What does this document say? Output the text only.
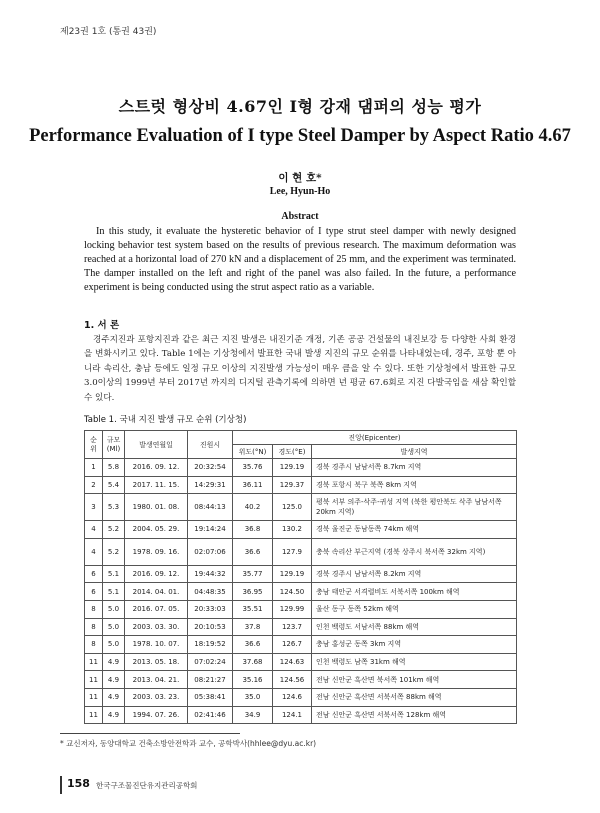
제23권 1호 (통권 43권)
스트럿 형상비 4.67인 I형 강재 댐퍼의 성능 평가
Performance Evaluation of I type Steel Damper by Aspect Ratio 4.67
이 현 호*
Lee, Hyun-Ho
Abstract
In this study, it evaluate the hysteretic behavior of I type strut steel damper with newly designed locking behavior test system based on the results of previous research. The maximum deformation was reached at a horizontal load of 270 kN and a displacement of 25 mm, and the experiment was terminated. The damper installed on the left and right of the panel was also failed. In the future, a performance experiment is being conducted using the strut aspect ratio as a variable.
1. 서 론
경주지진과 포항지진과 같은 최근 지진 발생은 내진기준 개정, 기존 공공 건설물의 내진보강 등 다양한 사회 환경을 변화시키고 있다. Table 1에는 기상청에서 발표한 국내 발생 지진의 규모 순위를 나타내었는데, 경주, 포항 뿐 아니라 속리산, 충남 등에도 일정 규모 이상의 지진발생 가능성이 매우 큼을 알 수 있다. 또한 기상청에서 발표한 규모 3.0이상의 1999년 부터 2017년 까지의 디지털 관측기록에 의하면 년 평균 67.6회로 지진 다발국임을 새삼 확인할 수 있다.
Table 1. 국내 지진 발생 규모 순위 (기상청)
순위	규모 (Ml)	발생연월일	진원시	진앙(Epicenter)		
				위도(°N)	경도(°E)	발생지역
1	5.8	2016. 09. 12.	20:32:54	35.76	129.19	경북 경주시 남남서쪽 8.7km 지역
2	5.4	2017. 11. 15.	14:29:31	36.11	129.37	경북 포항시 북구 북쪽 8km 지역
3	5.3	1980. 01. 08.	08:44:13	40.2	125.0	평북 서부 의주-삭주-귀성 지역 (북한 평안북도 삭주 남남서쪽 20km 지역)
4	5.2	2004. 05. 29.	19:14:24	36.8	130.2	경북 울진군 동남동쪽 74km 해역
4	5.2	1978. 09. 16.	02:07:06	36.6	127.9	충북 속리산 부근지역 (경북 상주시 북서쪽 32km 지역)
6	5.1	2016. 09. 12.	19:44:32	35.77	129.19	경북 경주시 남남서쪽 8.2km 지역
6	5.1	2014. 04. 01.	04:48:35	36.95	124.50	충남 태안군 서격렬비도 서북서쪽 100km 해역
8	5.0	2016. 07. 05.	20:33:03	35.51	129.99	울산 동구 동쪽 52km 해역
8	5.0	2003. 03. 30.	20:10:53	37.8	123.7	인천 백령도 서남서쪽 88km 해역
8	5.0	1978. 10. 07.	18:19:52	36.6	126.7	충남 홍성군 동쪽 3km 지역
11	4.9	2013. 05. 18.	07:02:24	37.68	124.63	인천 백령도 남쪽 31km 해역
11	4.9	2013. 04. 21.	08:21:27	35.16	124.56	전남 신안군 흑산면 북서쪽 101km 해역
11	4.9	2003. 03. 23.	05:38:41	35.0	124.6	전남 신안군 흑산면 서북서쪽 88km 해역
11	4.9	1994. 07. 26.	02:41:46	34.9	124.1	전남 신안군 흑산면 서북서쪽 128km 해역
* 교신저자, 동양대학교 건축소방안전학과 교수, 공학박사(hhlee@dyu.ac.kr)
158 한국구조물진단유지관리공학회
